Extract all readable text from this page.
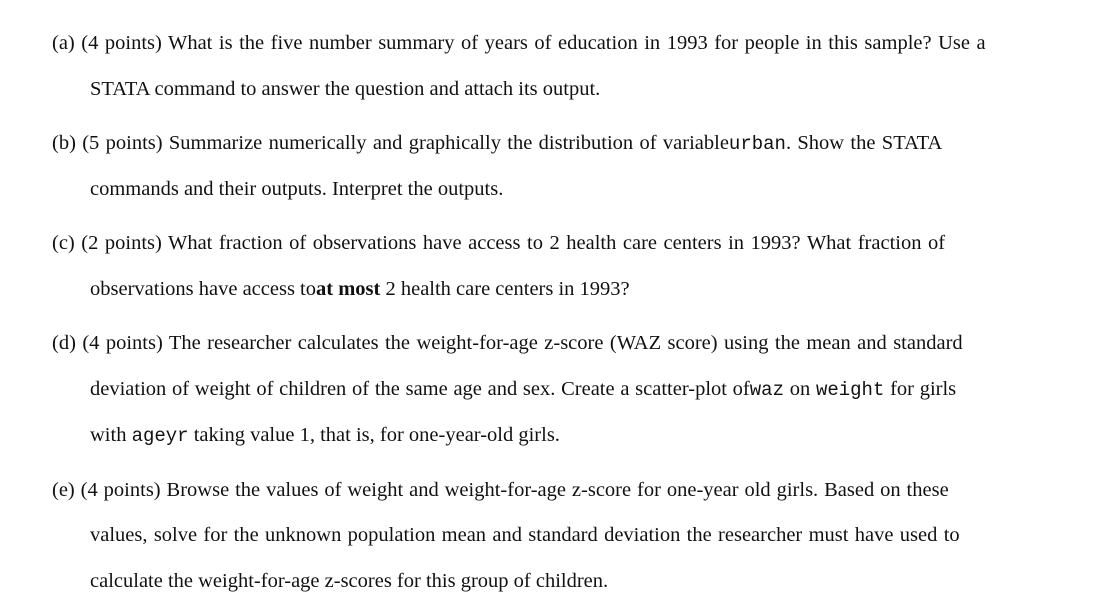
(a) (4 points) What is the five number summary of years of education in 1993 for people in this sample? Use a
STATA command to answer the question and attach its output.
(b) (5 points) Summarize numerically and graphically the distribution of variableurban. Show the STATA
commands and their outputs. Interpret the outputs.
(c) (2 points) What fraction of observations have access to 2 health care centers in 1993? What fraction of
observations have access toat most 2 health care centers in 1993?
(d) (4 points) The researcher calculates the weight-for-age z-score (WAZ score) using the mean and standard
deviation of weight of children of the same age and sex. Create a scatter-plot ofwaz on weight for girls
with ageyr taking value 1, that is, for one-year-old girls.
(e) (4 points) Browse the values of weight and weight-for-age z-score for one-year old girls. Based on these
values, solve for the unknown population mean and standard deviation the researcher must have used to
calculate the weight-for-age z-scores for this group of children.
